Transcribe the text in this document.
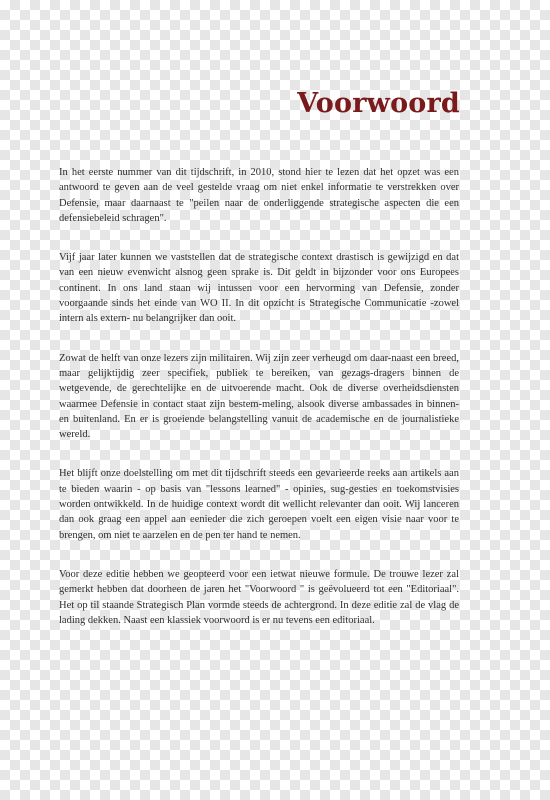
Voorwoord

In het eerste nummer van dit tijdschrift, in 2010, stond hier te lezen dat het opzet was een antwoord te geven aan de veel gestelde vraag om niet enkel informatie te verstrekken over Defensie, maar daarnaast te "peilen naar de onderliggende strategische aspecten die een defensiebeleid schragen".

Vijf jaar later kunnen we vaststellen dat de strategische context drastisch is gewijzigd en dat van een nieuw evenwicht alsnog geen sprake is. Dit geldt in bijzonder voor ons Europees continent. In ons land staan wij intussen voor een hervorming van Defensie, zonder voorgaande sinds het einde van WO II. In dit opzicht is Strategische Communicatie -zowel intern als extern- nu belangrijker dan ooit.

Zowat de helft van onze lezers zijn militairen. Wij zijn zeer verheugd om daar-naast een breed, maar gelijktijdig zeer specifiek, publiek te bereiken, van gezags-dragers binnen de wetgevende, de gerechtelijke en de uitvoerende macht. Ook de diverse overheidsdiensten waarmee Defensie in contact staat zijn bestem-meling, alsook diverse ambassades in binnen- en buitenland. En er is groeiende belangstelling vanuit de academische en de journalistieke wereld.

Het blijft onze doelstelling om met dit tijdschrift steeds een gevarieerde reeks aan artikels aan te bieden waarin - op basis van "lessons learned" - opinies, sug-gesties en toekomstvisies worden ontwikkeld. In de huidige context wordt dit wellicht relevanter dan ooit. Wij lanceren dan ook graag een appel aan eenieder die zich geroepen voelt een eigen visie naar voor te brengen, om niet te aarzelen en de pen ter hand te nemen.

Voor deze editie hebben we geopteerd voor een ietwat nieuwe formule. De trouwe lezer zal gemerkt hebben dat doorheen de jaren het "Voorwoord " is geëvolueerd tot een "Editoriaal". Het op til staande Strategisch Plan vormde steeds de achtergrond. In deze editie zal de vlag de lading dekken. Naast een klassiek voorwoord is er nu tevens een editoriaal.
